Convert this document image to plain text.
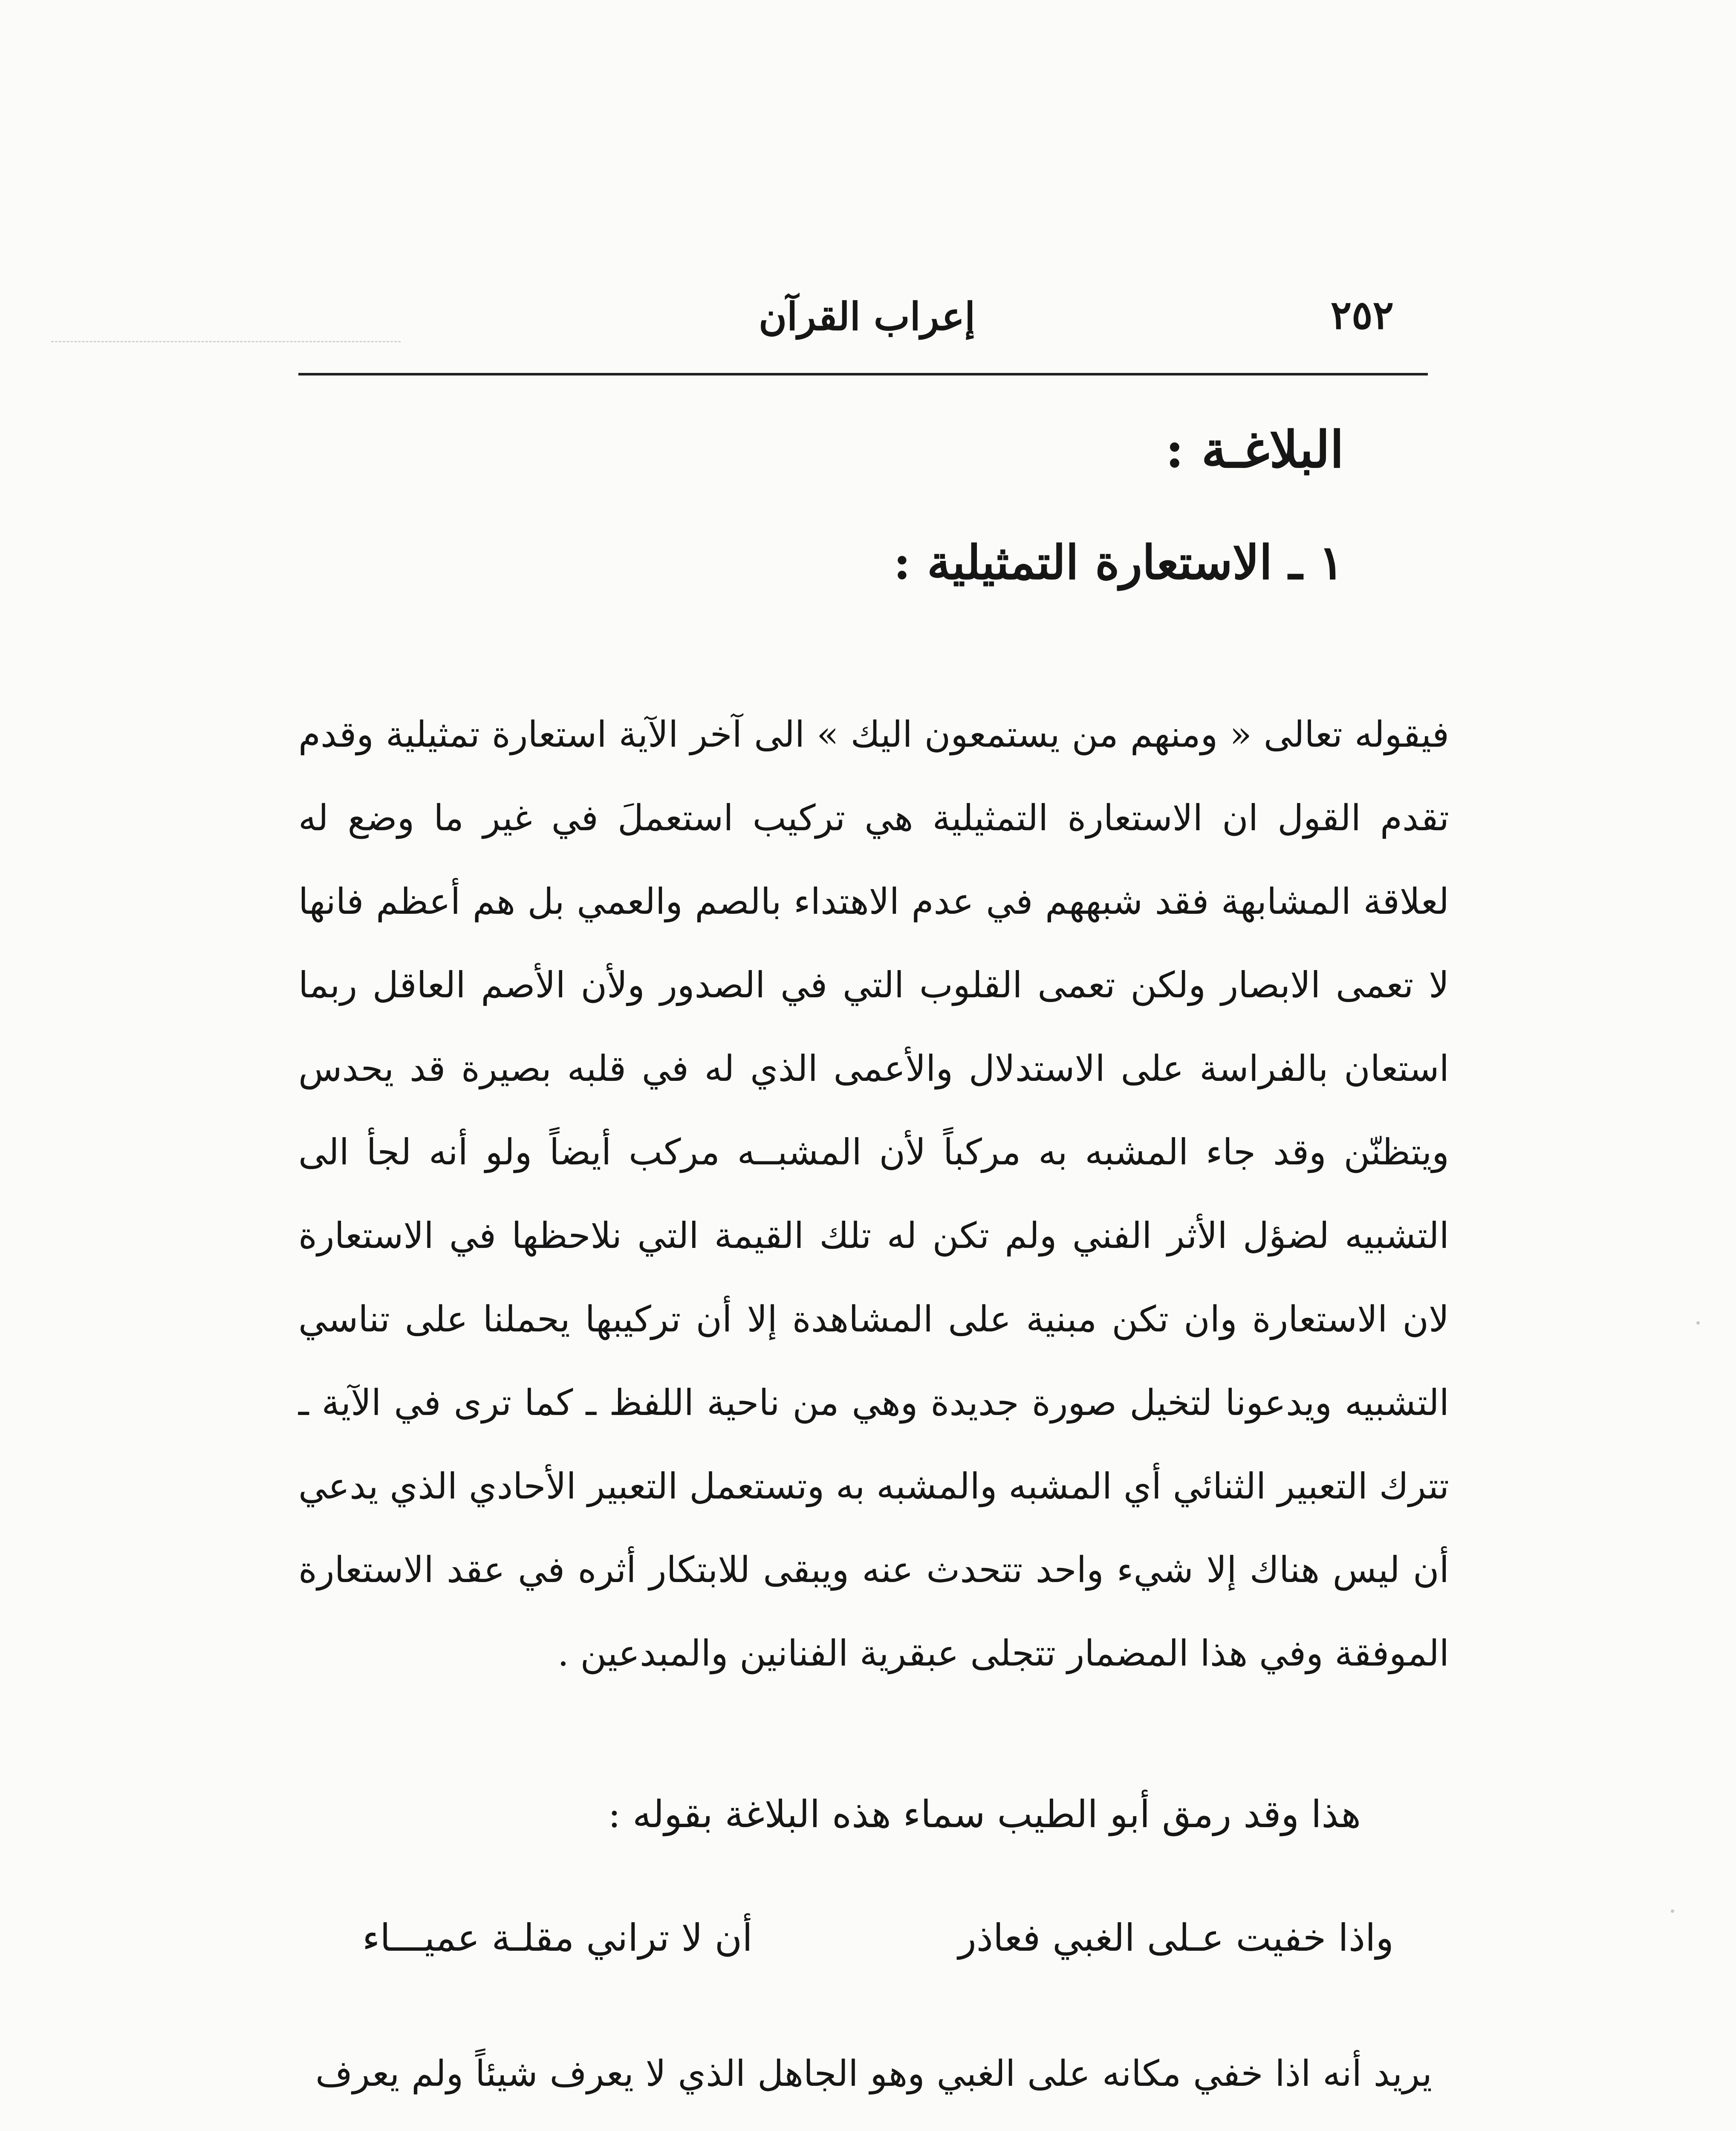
٢٥٢
إعراب القرآن
البلاغـة :
١ ـ الاستعارة التمثيلية :

فيقوله تعالى « ومنهم من يستمعون اليك » الى آخر الآية استعارة تمثيلية وقدم تقدم القول ان الاستعارة التمثيلية هي تركيب استعملَ في غير ما وضع له لعلاقة المشابهة فقد شبههم في عدم الاهتداء بالصم والعمي بل هم أعظم فانها لا تعمى الابصار ولكن تعمى القلوب التي في الصدور ولأن الأصم العاقل ربما استعان بالفراسة على الاستدلال والأعمى الذي له في قلبه بصيرة قد يحدس ويتظنّن وقد جاء المشبه به مركباً لأن المشبــه مركب أيضاً ولو أنه لجأ الى التشبيه لضؤل الأثر الفني ولم تكن له تلك القيمة التي نلاحظها في الاستعارة لان الاستعارة وان تكن مبنية على المشاهدة إلا أن تركيبها يحملنا على تناسي التشبيه ويدعونا لتخيل صورة جديدة وهي من ناحية اللفظ ـ كما ترى في الآية ـ تترك التعبير الثنائي أي المشبه والمشبه به وتستعمل التعبير الأحادي الذي يدعي أن ليس هناك إلا شيء واحد تتحدث عنه ويبقى للابتكار أثره في عقد الاستعارة الموفقة وفي هذا المضمار تتجلى عبقرية الفنانين والمبدعين .

هذا وقد رمق أبو الطيب سماء هذه البلاغة بقوله :
واذا خفيت عـلى الغبي فعاذر
أن لا تراني مقلـة عميـــاء
يريد أنه اذا خفي مكانه على الغبي وهو الجاهل الذي لا يعرف شيئاً ولم يعرف
